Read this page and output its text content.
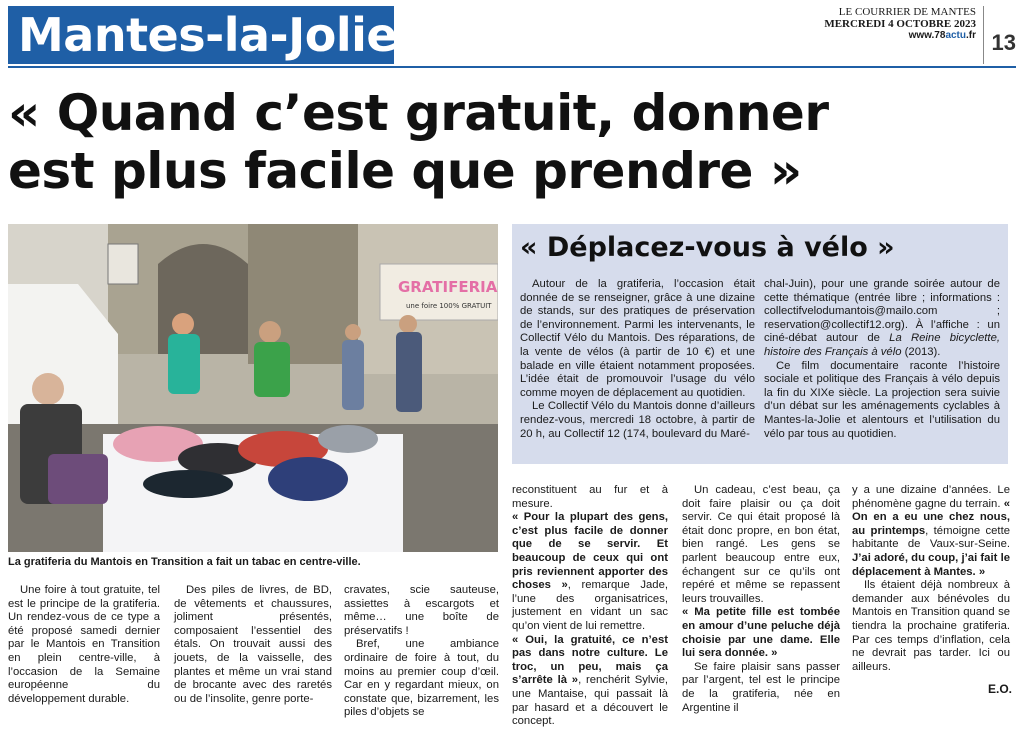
Mantes-la-Jolie	LE COURRIER DE MANTES
MERCREDI 4 OCTOBRE 2023
www.78actu.fr 13
« Quand c’est gratuit, donner
est plus facile que prendre »
GRATIFERIA
une foire 100% GRATUIT
La gratiferia du Mantois en Transition a fait un tabac en centre-ville.
« Déplacez-vous à vélo »

Autour de la gratiferia, l’occasion était donnée de se renseigner, grâce à une dizaine de stands, sur des pratiques de préservation de l’environnement. Parmi les intervenants, le Collectif Vélo du Mantois. Des réparations, de la vente de vélos (à partir de 10 €) et une balade en ville étaient notamment proposées. L’idée était de promouvoir l’usage du vélo comme moyen de déplacement au quotidien.

Le Collectif Vélo du Mantois donne d’ailleurs rendez-vous, mercredi 18 octobre, à partir de 20 h, au Collectif 12 (174, boulevard du Maré-

chal-Juin), pour une grande soirée autour de cette thématique (entrée libre ; informations : collectifvelodumantois@mailo.com ; reservation@collectif12.org). À l’affiche : un ciné-débat autour de La Reine bicyclette, histoire des Français à vélo (2013).

Ce film documentaire raconte l’histoire sociale et politique des Français à vélo depuis la fin du XIXe siècle. La projection sera suivie d’un débat sur les aménagements cyclables à Mantes-la-Jolie et alentours et l’utilisation du vélo par tous au quotidien.

Une foire à tout gratuite, tel est le principe de la gratiferia. Un rendez-vous de ce type a été proposé samedi dernier par le Mantois en Transition en plein centre-ville, à l’occasion de la Semaine européenne du développement durable.

Des piles de livres, de BD, de vêtements et chaussures, joliment présentés, composaient l’essentiel des étals. On trouvait aussi des jouets, de la vaisselle, des plantes et même un vrai stand de brocante avec des raretés ou de l’insolite, genre porte-

cravates, scie sauteuse, assiettes à escargots et même… une boîte de préservatifs !

Bref, une ambiance ordinaire de foire à tout, du moins au premier coup d’œil. Car en y regardant mieux, on constate que, bizarrement, les piles d’objets se

reconstituent au fur et à mesure.

« Pour la plupart des gens, c’est plus facile de donner que de se servir. Et beaucoup de ceux qui ont pris reviennent apporter des choses », remarque Jade, l’une des organisatrices, justement en vidant un sac qu’on vient de lui remettre.

« Oui, la gratuité, ce n’est pas dans notre culture. Le troc, un peu, mais ça s’arrête là », renchérit Sylvie, une Mantaise, qui passait là par hasard et a découvert le concept.

Un cadeau, c’est beau, ça doit faire plaisir ou ça doit servir. Ce qui était proposé là était donc propre, en bon état, bien rangé. Les gens se parlent beaucoup entre eux, échangent sur ce qu’ils ont repéré et même se repassent leurs trouvailles.

« Ma petite fille est tombée en amour d’une peluche déjà choisie par une dame. Elle lui sera donnée. »

Se faire plaisir sans passer par l’argent, tel est le principe de la gratiferia, née en Argentine il

y a une dizaine d’années. Le phénomène gagne du terrain. « On en a eu une chez nous, au printemps, témoigne cette habitante de Vaux-sur-Seine. J’ai adoré, du coup, j’ai fait le déplacement à Mantes. »

Ils étaient déjà nombreux à demander aux bénévoles du Mantois en Transition quand se tiendra la prochaine gratiferia. Par ces temps d’inflation, cela ne devrait pas tarder. Ici ou ailleurs.

E.O.
